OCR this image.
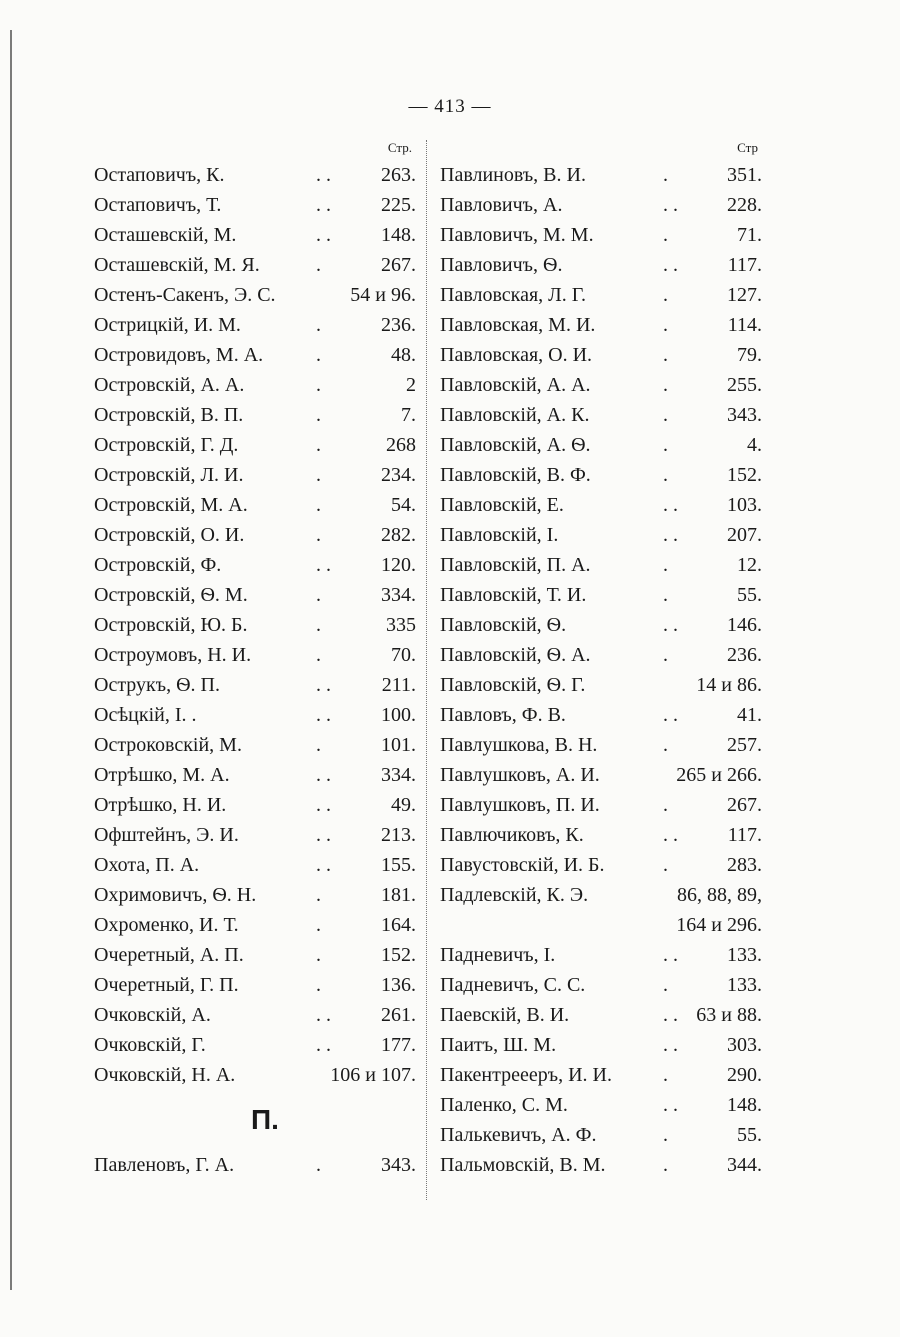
— 413 —
Стр.
Остаповичъ, К.	. .	263.
Остаповичъ, Т.	. .	225.
Осташевскій, М.	. .	148.
Осташевскій, М. Я.	.	267.
Остенъ-Сакенъ, Э. С.	54 и 96.
Острицкій, И. М.	.	236.
Островидовъ, М. А.	.	48.
Островскій, А. А.	.	2
Островскій, В. П.	.	7.
Островскій, Г. Д.	.	268
Островскій, Л. И.	.	234.
Островскій, М. А.	.	54.
Островскій, О. И.	.	282.
Островскій, Ф.	. .	120.
Островскій, Ѳ. М.	.	334.
Островскій, Ю. Б.	.	335
Остроумовъ, Н. И.	.	70.
Острукъ, Ѳ. П.	. .	211.
Осѣцкій, І. .	. .	100.
Остроковскій, М.	.	101.
Отрѣшко, М. А.	. .	334.
Отрѣшко, Н. И.	. .	49.
Офштейнъ, Э. И.	. .	213.
Охота, П. А.	. .	155.
Охримовичъ, Ѳ. Н.	.	181.
Охроменко, И. Т.	.	164.
Очеретный, А. П.	.	152.
Очеретный, Г. П.	.	136.
Очковскій, А.	. .	261.
Очковскій, Г.	. .	177.
Очковскій, Н. А.	106 и 107.
П.
Павленовъ, Г. А.	.	343.
Стр
Павлиновъ, В. И.	.	351.
Павловичъ, А.	. . 228.
Павловичъ, М. М.	.	71.
Павловичъ, Ѳ.	. . 117.
Павловская, Л. Г.	.	127.
Павловская, М. И.	.	114.
Павловская, О. И.	.	79.
Павловскій, А. А.	.	255.
Павловскій, А. К.	.	343.
Павловскій, А. Ѳ.	.	4.
Павловскій, В. Ф.	.	152.
Павловскій, Е.	. . 103.
Павловскій, І.	. . 207.
Павловскій, П. А.	.	12.
Павловскій, Т. И.	.	55.
Павловскій, Ѳ.	. . 146.
Павловскій, Ѳ. А.	.	236.
Павловскій, Ѳ. Г.	14 и 86.
Павловъ, Ф. В.	. .	41.
Павлушкова, В. Н.	.	257.
Павлушковъ, А. И.	265 и 266.
Павлушковъ, П. И.	.	267.
Павлючиковъ, К.	. . 117.
Павустовскій, И. Б.	.	283.
Падлевскій, К. Э.	86, 88, 89,
164 и 296.
Падневичъ, І.	. . 133.
Падневичъ, С. С.	.	133.
Паевскій, В. И.	. . 63 и 88.
Паитъ, Ш. М.	. . 303.
Пакентреееръ, И. И.	.	290.
Паленко, С. М.	. . 148.
Палькевичъ, А. Ф.	.	55.
Пальмовскій, В. М.	.	344.
